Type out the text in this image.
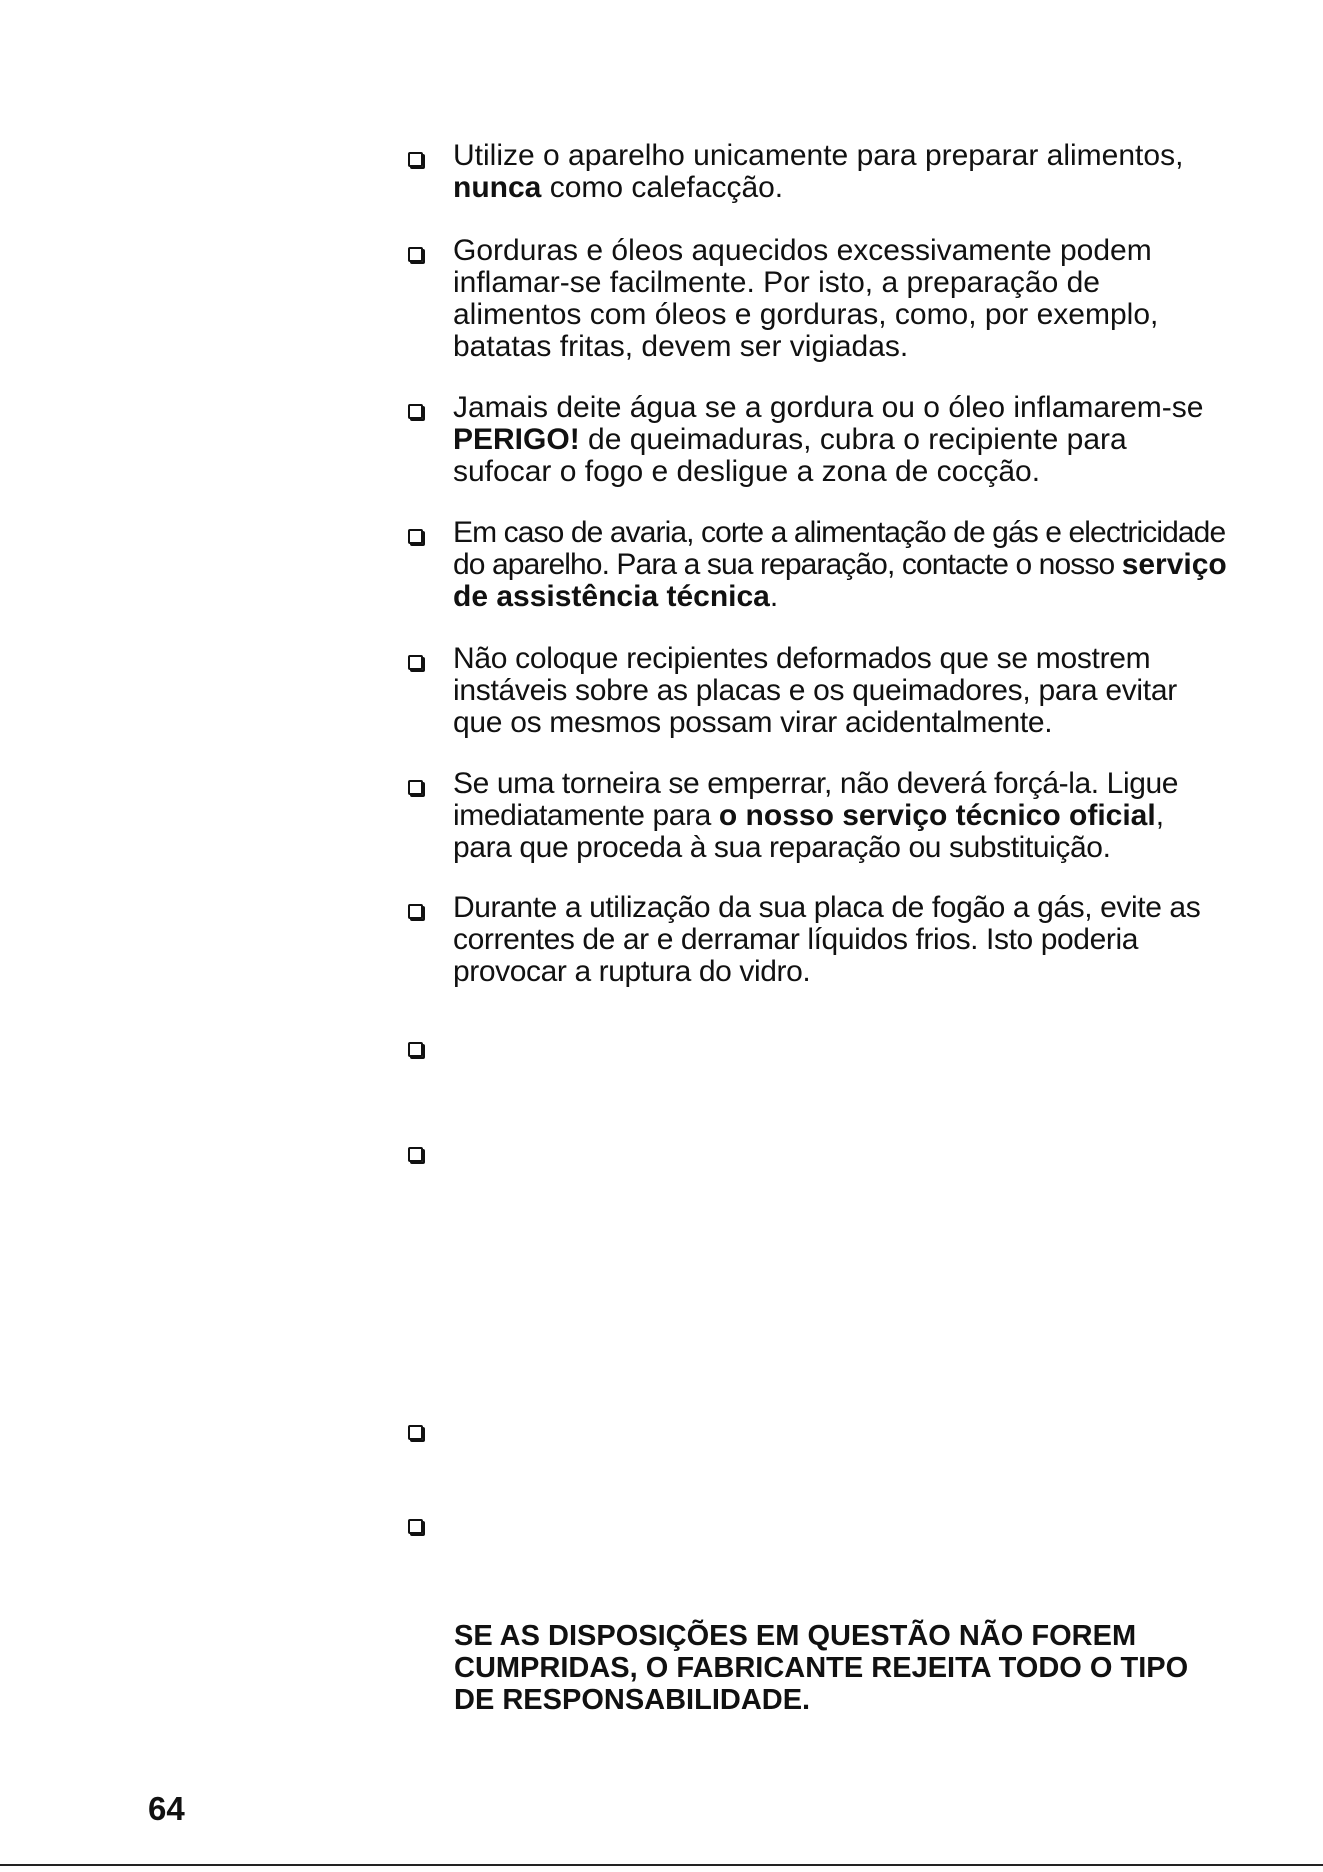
Utilize o aparelho unicamente para preparar alimentos, nunca como calefacção.
Gorduras e óleos aquecidos excessivamente podem inflamar-se facilmente. Por isto, a preparação de alimentos com óleos e gorduras, como, por exemplo, batatas fritas, devem ser vigiadas.
Jamais deite água se a gordura ou o óleo inflamarem-se PERIGO! de queimaduras, cubra o recipiente para sufocar o fogo e desligue a zona de cocção.
Em caso de avaria, corte a alimentação de gás e electricidade do aparelho. Para a sua reparação, contacte o nosso serviço de assistência técnica.
Não coloque recipientes deformados que se mostrem instáveis sobre as placas e os queimadores, para evitar que os mesmos possam virar acidentalmente.
Se uma torneira se emperrar, não deverá forçá-la. Ligue imediatamente para o nosso serviço técnico oficial, para que proceda à sua reparação ou substituição.
Durante a utilização da sua placa de fogão a gás, evite as correntes de ar e derramar líquidos frios. Isto poderia provocar a ruptura do vidro.
SE AS DISPOSIÇÕES EM QUESTÃO NÃO FOREM CUMPRIDAS, O FABRICANTE REJEITA TODO O TIPO DE RESPONSABILIDADE.
64
